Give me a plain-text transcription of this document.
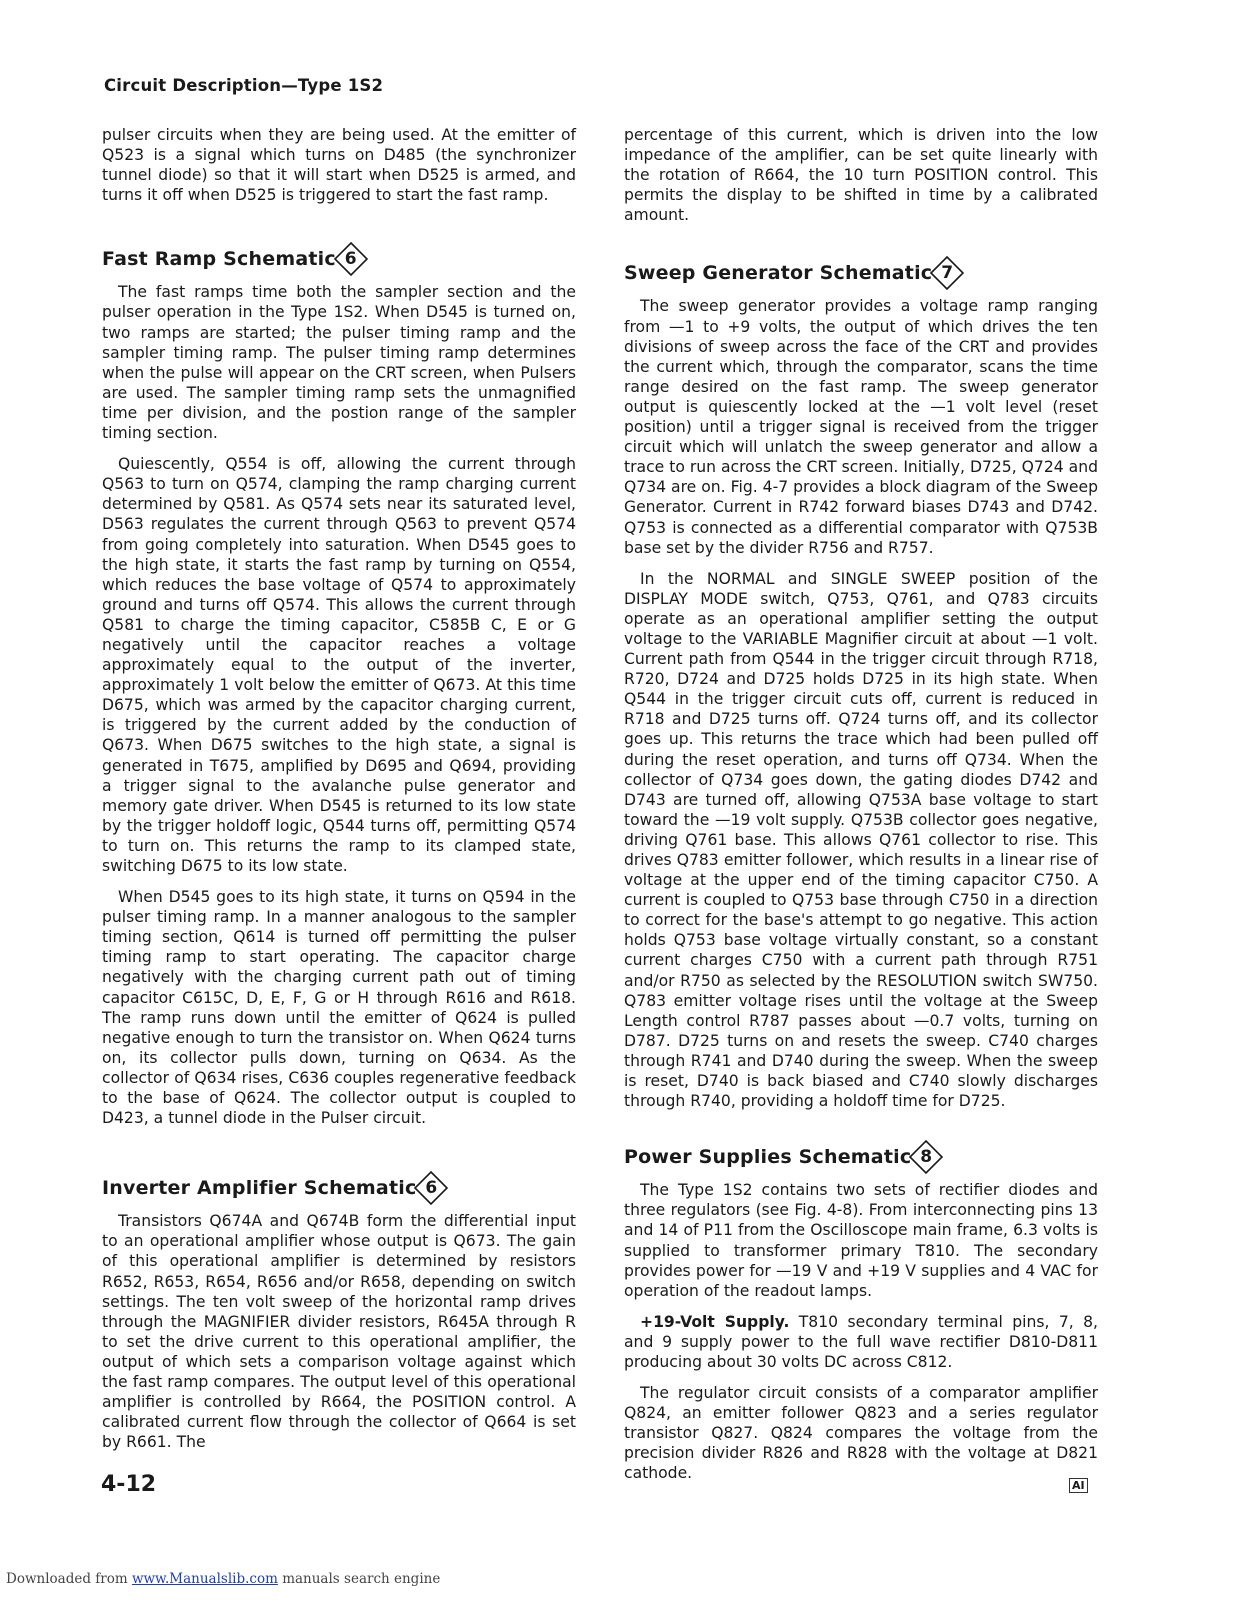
Circuit Description—Type 1S2

pulser circuits when they are being used. At the emitter of Q523 is a signal which turns on D485 (the synchronizer tunnel diode) so that it will start when D525 is armed, and turns it off when D525 is triggered to start the fast ramp.

Fast Ramp Schematic 6

The fast ramps time both the sampler section and the pulser operation in the Type 1S2. When D545 is turned on, two ramps are started; the pulser timing ramp and the sampler timing ramp. The pulser timing ramp determines when the pulse will appear on the CRT screen, when Pulsers are used. The sampler timing ramp sets the unmagnified time per division, and the postion range of the sampler timing section.

Quiescently, Q554 is off, allowing the current through Q563 to turn on Q574, clamping the ramp charging current determined by Q581. As Q574 sets near its saturated level, D563 regulates the current through Q563 to prevent Q574 from going completely into saturation. When D545 goes to the high state, it starts the fast ramp by turning on Q554, which reduces the base voltage of Q574 to approximately ground and turns off Q574. This allows the current through Q581 to charge the timing capacitor, C585B C, E or G negatively until the capacitor reaches a voltage approximately equal to the output of the inverter, approximately 1 volt below the emitter of Q673. At this time D675, which was armed by the capacitor charging current, is triggered by the current added by the conduction of Q673. When D675 switches to the high state, a signal is generated in T675, amplified by D695 and Q694, providing a trigger signal to the avalanche pulse generator and memory gate driver. When D545 is returned to its low state by the trigger holdoff logic, Q544 turns off, permitting Q574 to turn on. This returns the ramp to its clamped state, switching D675 to its low state.

When D545 goes to its high state, it turns on Q594 in the pulser timing ramp. In a manner analogous to the sampler timing section, Q614 is turned off permitting the pulser timing ramp to start operating. The capacitor charge negatively with the charging current path out of timing capacitor C615C, D, E, F, G or H through R616 and R618. The ramp runs down until the emitter of Q624 is pulled negative enough to turn the transistor on. When Q624 turns on, its collector pulls down, turning on Q634. As the collector of Q634 rises, C636 couples regenerative feedback to the base of Q624. The collector output is coupled to D423, a tunnel diode in the Pulser circuit.

Inverter Amplifier Schematic 6

Transistors Q674A and Q674B form the differential input to an operational amplifier whose output is Q673. The gain of this operational amplifier is determined by resistors R652, R653, R654, R656 and/or R658, depending on switch settings. The ten volt sweep of the horizontal ramp drives through the MAGNIFIER divider resistors, R645A through R to set the drive current to this operational amplifier, the output of which sets a comparison voltage against which the fast ramp compares. The output level of this operational amplifier is controlled by R664, the POSITION control. A calibrated current flow through the collector of Q664 is set by R661. The

percentage of this current, which is driven into the low impedance of the amplifier, can be set quite linearly with the rotation of R664, the 10 turn POSITION control. This permits the display to be shifted in time by a calibrated amount.

Sweep Generator Schematic 7

The sweep generator provides a voltage ramp ranging from —1 to +9 volts, the output of which drives the ten divisions of sweep across the face of the CRT and provides the current which, through the comparator, scans the time range desired on the fast ramp. The sweep generator output is quiescently locked at the —1 volt level (reset position) until a trigger signal is received from the trigger circuit which will unlatch the sweep generator and allow a trace to run across the CRT screen. Initially, D725, Q724 and Q734 are on. Fig. 4-7 provides a block diagram of the Sweep Generator. Current in R742 forward biases D743 and D742. Q753 is connected as a differential comparator with Q753B base set by the divider R756 and R757.

In the NORMAL and SINGLE SWEEP position of the DISPLAY MODE switch, Q753, Q761, and Q783 circuits operate as an operational amplifier setting the output voltage to the VARIABLE Magnifier circuit at about —1 volt. Current path from Q544 in the trigger circuit through R718, R720, D724 and D725 holds D725 in its high state. When Q544 in the trigger circuit cuts off, current is reduced in R718 and D725 turns off. Q724 turns off, and its collector goes up. This returns the trace which had been pulled off during the reset operation, and turns off Q734. When the collector of Q734 goes down, the gating diodes D742 and D743 are turned off, allowing Q753A base voltage to start toward the —19 volt supply. Q753B collector goes negative, driving Q761 base. This allows Q761 collector to rise. This drives Q783 emitter follower, which results in a linear rise of voltage at the upper end of the timing capacitor C750. A current is coupled to Q753 base through C750 in a direction to correct for the base's attempt to go negative. This action holds Q753 base voltage virtually constant, so a constant current charges C750 with a current path through R751 and/or R750 as selected by the RESOLUTION switch SW750. Q783 emitter voltage rises until the voltage at the Sweep Length control R787 passes about —0.7 volts, turning on D787. D725 turns on and resets the sweep. C740 charges through R741 and D740 during the sweep. When the sweep is reset, D740 is back biased and C740 slowly discharges through R740, providing a holdoff time for D725.

Power Supplies Schematic 8

The Type 1S2 contains two sets of rectifier diodes and three regulators (see Fig. 4-8). From interconnecting pins 13 and 14 of P11 from the Oscilloscope main frame, 6.3 volts is supplied to transformer primary T810. The secondary provides power for —19 V and +19 V supplies and 4 VAC for operation of the readout lamps.

+19-Volt Supply. T810 secondary terminal pins, 7, 8, and 9 supply power to the full wave rectifier D810-D811 producing about 30 volts DC across C812.

The regulator circuit consists of a comparator amplifier Q824, an emitter follower Q823 and a series regulator transistor Q827. Q824 compares the voltage from the precision divider R826 and R828 with the voltage at D821 cathode.

4-12	AI
Downloaded from www.Manualslib.com manuals search engine
